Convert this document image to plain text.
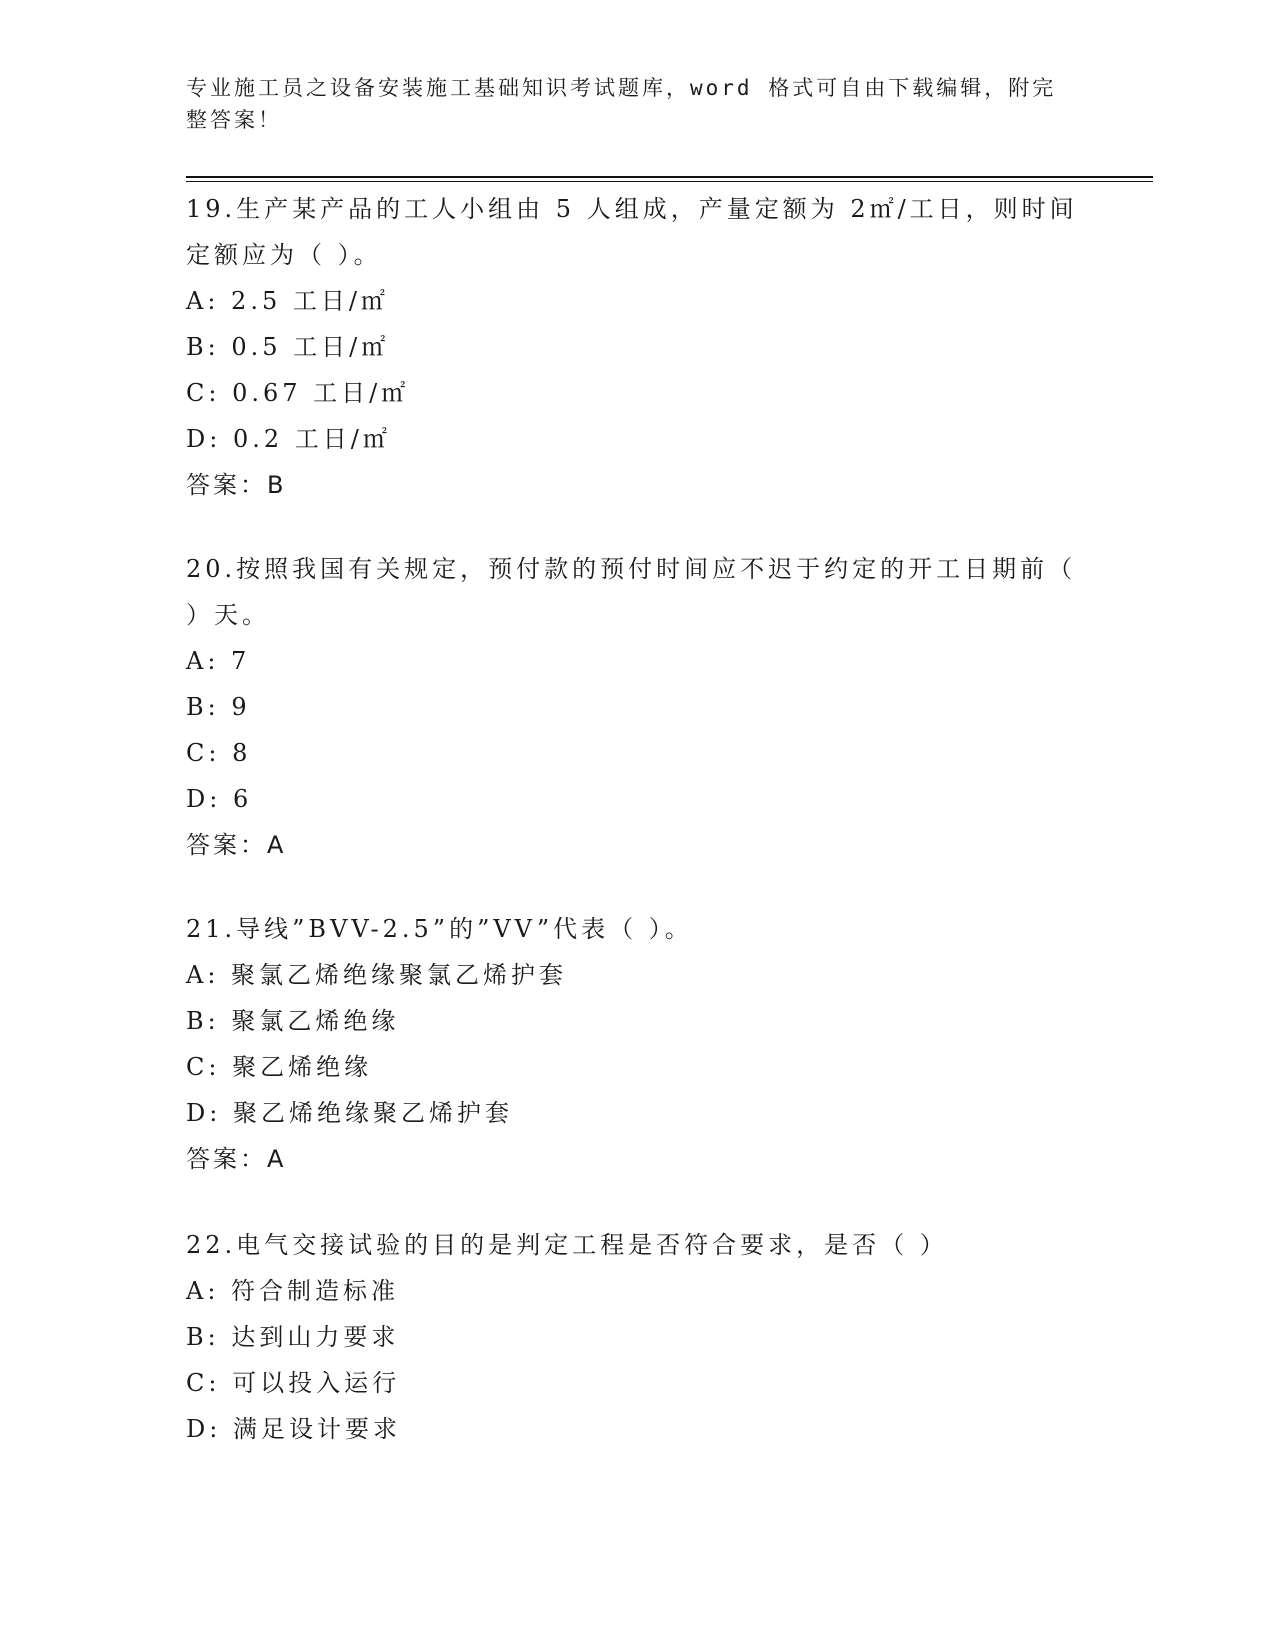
专业施工员之设备安装施工基础知识考试题库，word 格式可自由下载编辑，附完整答案！
19.生产某产品的工人小组由 5 人组成，产量定额为 2㎡/工日，则时间定额应为（ ）。
A: 2.5 工日/㎡
B: 0.5 工日/㎡
C: 0.67 工日/㎡
D: 0.2 工日/㎡
答案：B
20.按照我国有关规定，预付款的预付时间应不迟于约定的开工日期前（ ）天。
A: 7
B: 9
C: 8
D: 6
答案：A
21.导线”BVV-2.5”的”VV”代表（ ）。
A: 聚氯乙烯绝缘聚氯乙烯护套
B: 聚氯乙烯绝缘
C: 聚乙烯绝缘
D: 聚乙烯绝缘聚乙烯护套
答案：A
22.电气交接试验的目的是判定工程是否符合要求，是否（ ）
A: 符合制造标准
B: 达到山力要求
C: 可以投入运行
D: 满足设计要求
